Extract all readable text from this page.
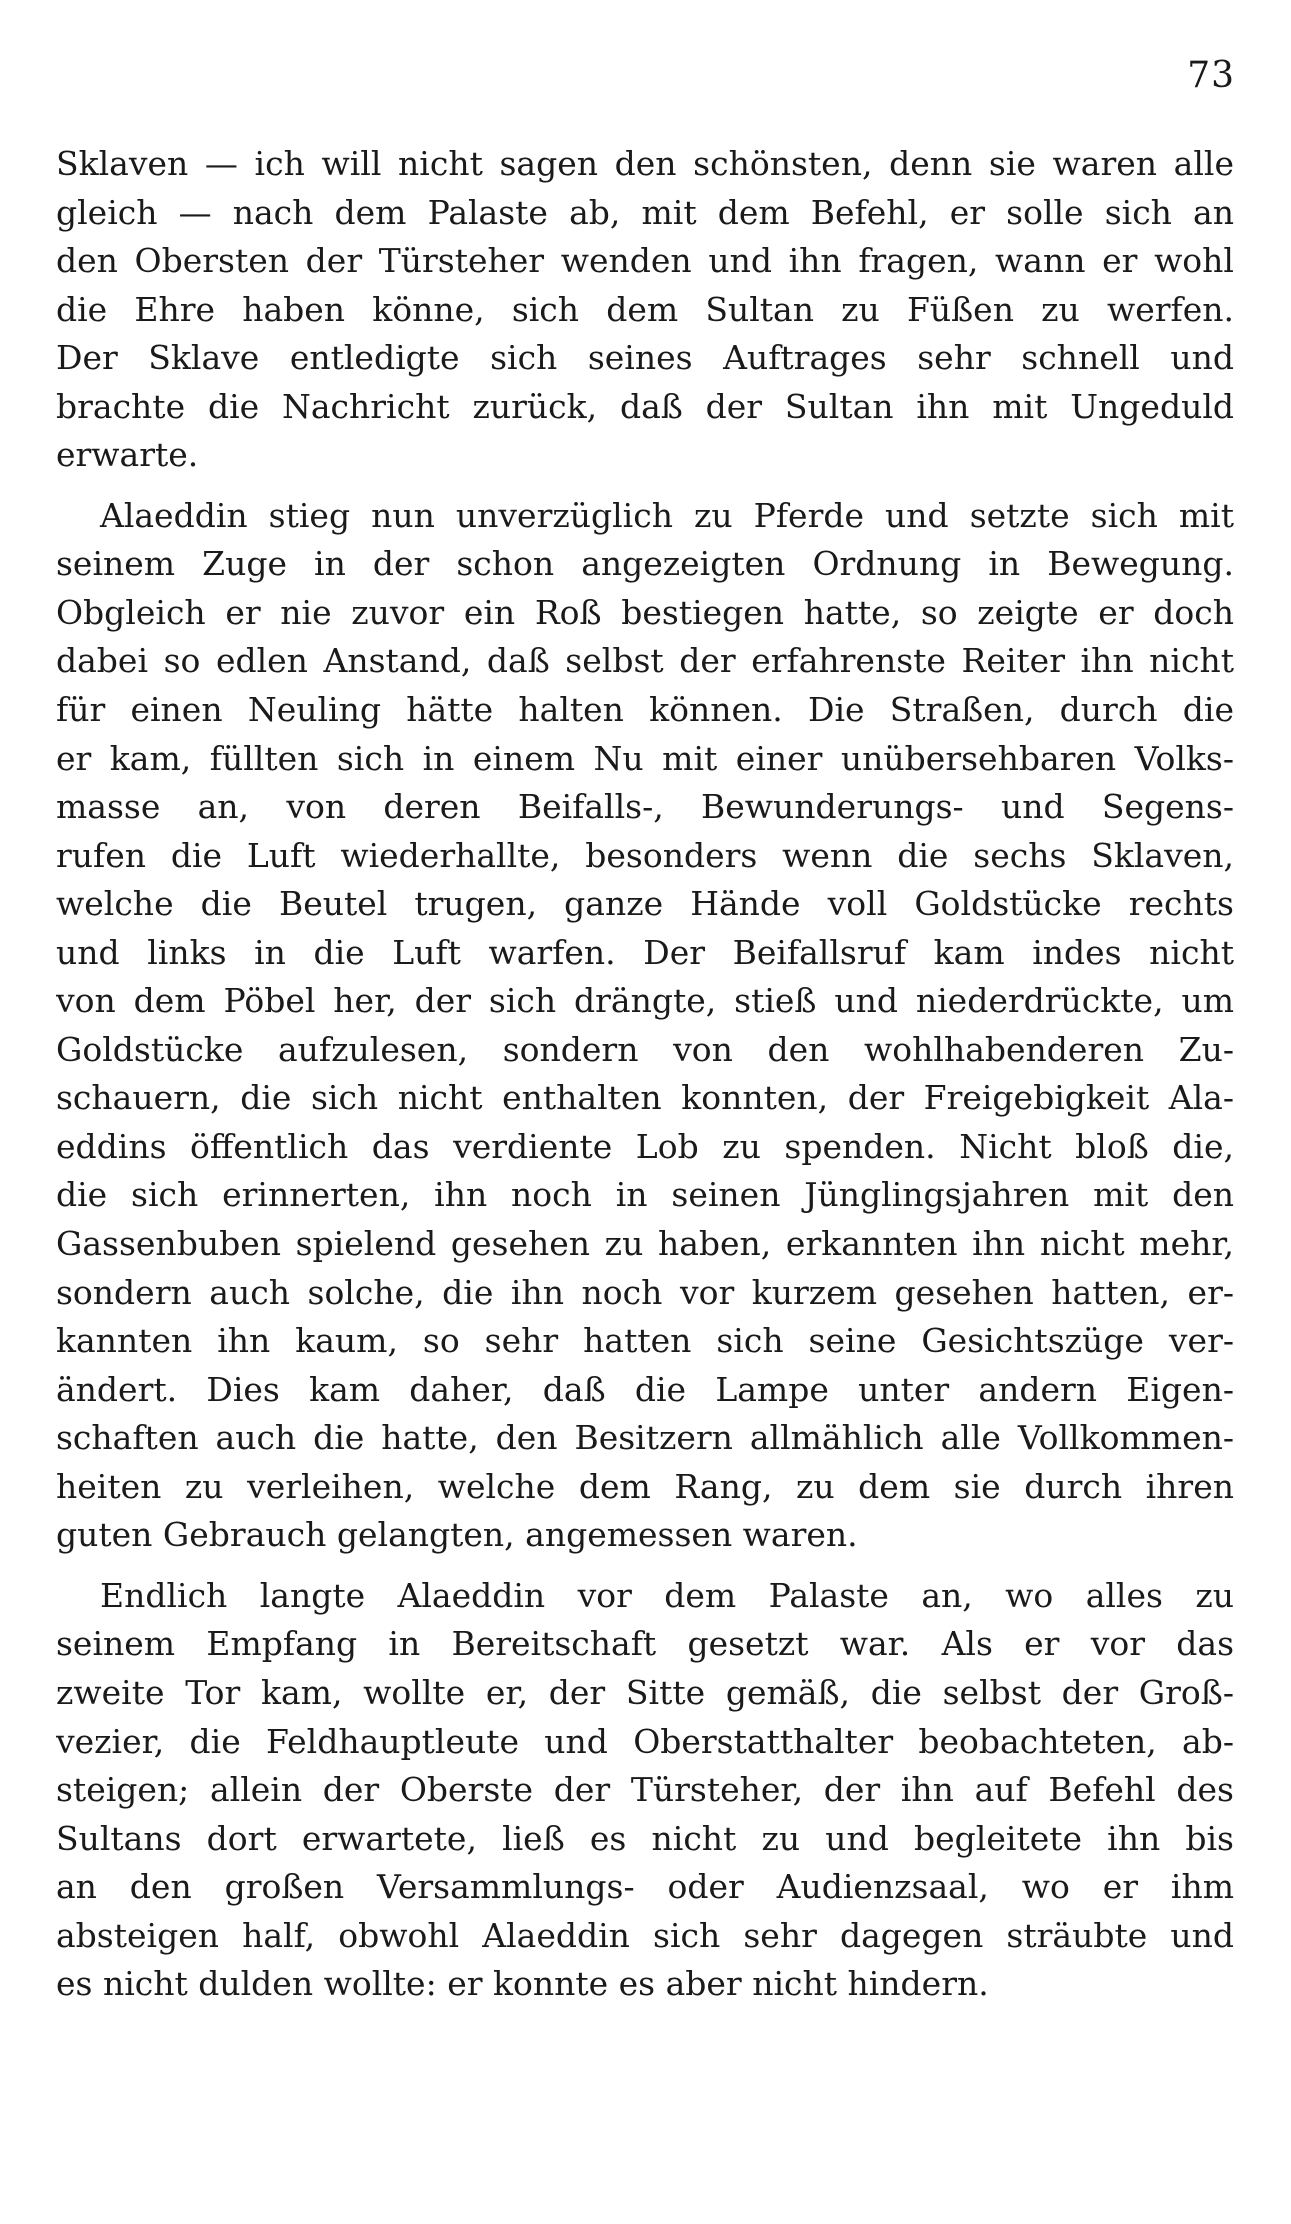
73
Sklaven — ich will nicht sagen den schönsten, denn sie waren alle
gleich — nach dem Palaste ab, mit dem Befehl, er solle sich an
den Obersten der Türsteher wenden und ihn fragen, wann er wohl
die Ehre haben könne, sich dem Sultan zu Füßen zu werfen.
Der Sklave entledigte sich seines Auftrages sehr schnell und
brachte die Nachricht zurück, daß der Sultan ihn mit Ungeduld
erwarte.
Alaeddin stieg nun unverzüglich zu Pferde und setzte sich mit
seinem Zuge in der schon angezeigten Ordnung in Bewegung.
Obgleich er nie zuvor ein Roß bestiegen hatte, so zeigte er doch
dabei so edlen Anstand, daß selbst der erfahrenste Reiter ihn nicht
für einen Neuling hätte halten können. Die Straßen, durch die
er kam, füllten sich in einem Nu mit einer unübersehbaren Volks-
masse an, von deren Beifalls-, Bewunderungs- und Segens-
rufen die Luft wiederhallte, besonders wenn die sechs Sklaven,
welche die Beutel trugen, ganze Hände voll Goldstücke rechts
und links in die Luft warfen. Der Beifallsruf kam indes nicht
von dem Pöbel her, der sich drängte, stieß und niederdrückte, um
Goldstücke aufzulesen, sondern von den wohlhabenderen Zu-
schauern, die sich nicht enthalten konnten, der Freigebigkeit Ala-
eddins öffentlich das verdiente Lob zu spenden. Nicht bloß die,
die sich erinnerten, ihn noch in seinen Jünglingsjahren mit den
Gassenbuben spielend gesehen zu haben, erkannten ihn nicht mehr,
sondern auch solche, die ihn noch vor kurzem gesehen hatten, er-
kannten ihn kaum, so sehr hatten sich seine Gesichtszüge ver-
ändert. Dies kam daher, daß die Lampe unter andern Eigen-
schaften auch die hatte, den Besitzern allmählich alle Vollkommen-
heiten zu verleihen, welche dem Rang, zu dem sie durch ihren
guten Gebrauch gelangten, angemessen waren.
Endlich langte Alaeddin vor dem Palaste an, wo alles zu
seinem Empfang in Bereitschaft gesetzt war. Als er vor das
zweite Tor kam, wollte er, der Sitte gemäß, die selbst der Groß-
vezier, die Feldhauptleute und Oberstatthalter beobachteten, ab-
steigen; allein der Oberste der Türsteher, der ihn auf Befehl des
Sultans dort erwartete, ließ es nicht zu und begleitete ihn bis
an den großen Versammlungs- oder Audienzsaal, wo er ihm
absteigen half, obwohl Alaeddin sich sehr dagegen sträubte und
es nicht dulden wollte: er konnte es aber nicht hindern.
